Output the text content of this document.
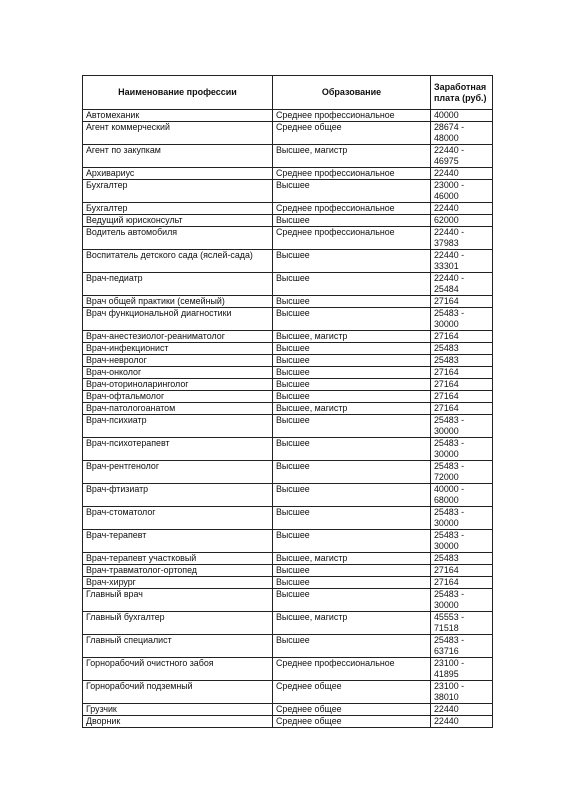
Наименование профессии	Образование	Заработная плата (руб.)
Автомеханик	Среднее профессиональное	40000
Агент коммерческий	Среднее общее	28674 -
48000
Агент по закупкам	Высшее, магистр	22440 -
46975
Архивариус	Среднее профессиональное	22440
Бухгалтер	Высшее	23000 -
46000
Бухгалтер	Среднее профессиональное	22440
Ведущий юрисконсульт	Высшее	62000
Водитель автомобиля	Среднее профессиональное	22440 -
37983
Воспитатель детского сада (яслей-сада)	Высшее	22440 -
33301
Врач-педиатр	Высшее	22440 -
25484
Врач общей практики (семейный)	Высшее	27164
Врач функциональной диагностики	Высшее	25483 -
30000
Врач-анестезиолог-реаниматолог	Высшее, магистр	27164
Врач-инфекционист	Высшее	25483
Врач-невролог	Высшее	25483
Врач-онколог	Высшее	27164
Врач-оториноларинголог	Высшее	27164
Врач-офтальмолог	Высшее	27164
Врач-патологоанатом	Высшее, магистр	27164
Врач-психиатр	Высшее	25483 -
30000
Врач-психотерапевт	Высшее	25483 -
30000
Врач-рентгенолог	Высшее	25483 -
72000
Врач-фтизиатр	Высшее	40000 -
68000
Врач-стоматолог	Высшее	25483 -
30000
Врач-терапевт	Высшее	25483 -
30000
Врач-терапевт участковый	Высшее, магистр	25483
Врач-травматолог-ортопед	Высшее	27164
Врач-хирург	Высшее	27164
Главный врач	Высшее	25483 -
30000
Главный бухгалтер	Высшее, магистр	45553 -
71518
Главный специалист	Высшее	25483 -
63716
Горнорабочий очистного забоя	Среднее профессиональное	23100 -
41895
Горнорабочий подземный	Среднее общее	23100 -
38010
Грузчик	Среднее общее	22440
Дворник	Среднее общее	22440
